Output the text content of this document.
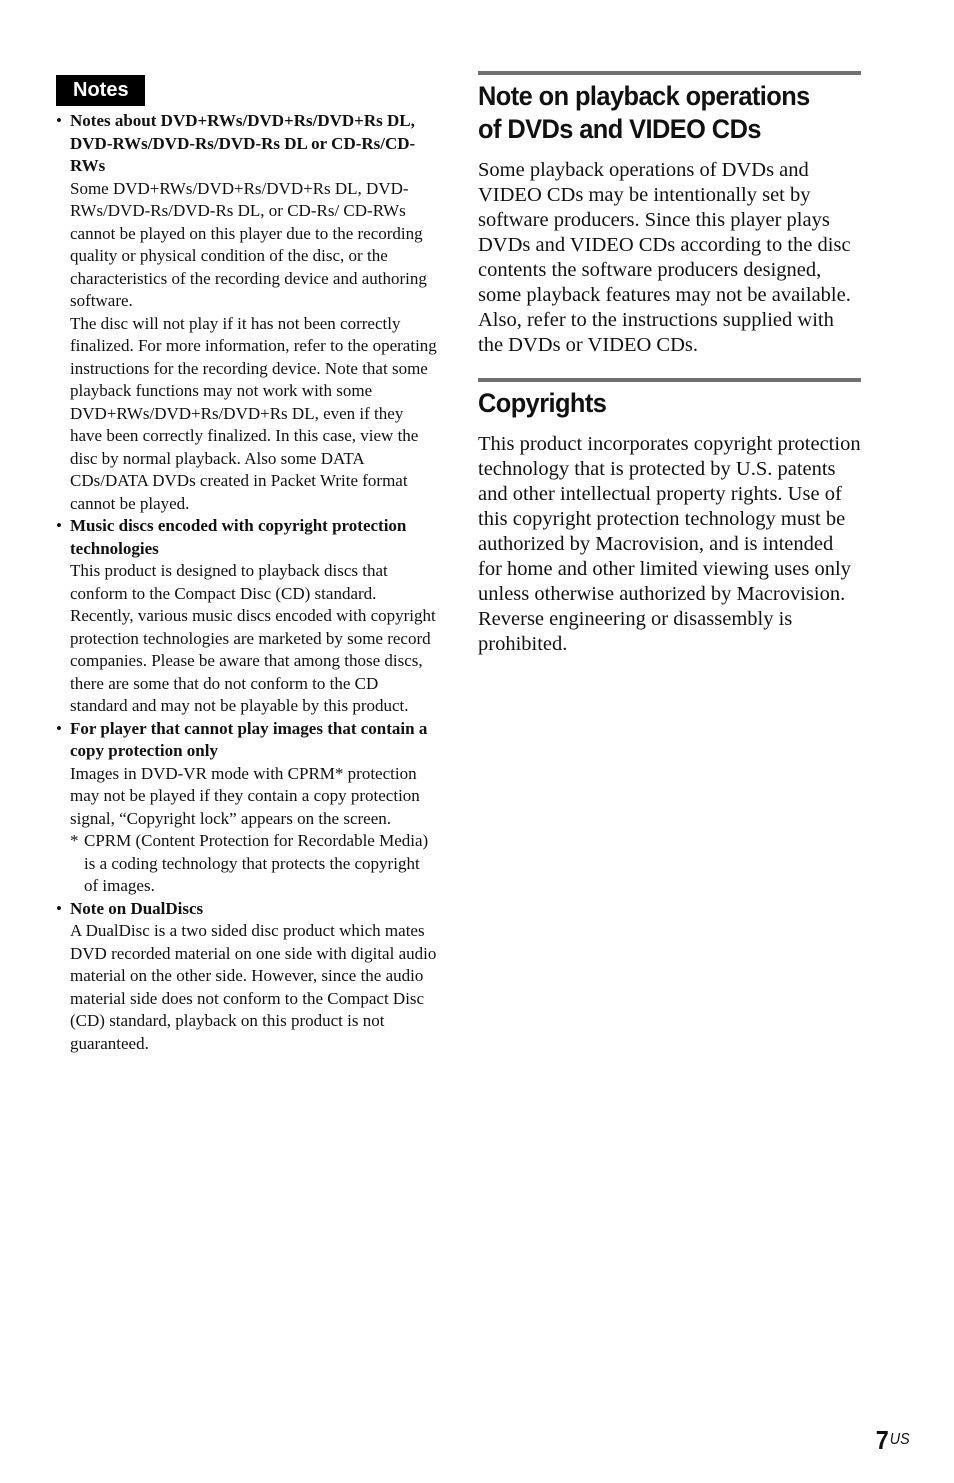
Notes
• Notes about DVD+RWs/DVD+Rs/DVD+Rs DL, DVD-RWs/DVD-Rs/DVD-Rs DL or CD-Rs/CD-RWs

Some DVD+RWs/DVD+Rs/DVD+Rs DL, DVD-RWs/DVD-Rs/DVD-Rs DL, or CD-Rs/ CD-RWs cannot be played on this player due to the recording quality or physical condition of the disc, or the characteristics of the recording device and authoring software.

The disc will not play if it has not been correctly finalized. For more information, refer to the operating instructions for the recording device. Note that some playback functions may not work with some DVD+RWs/DVD+Rs/DVD+Rs DL, even if they have been correctly finalized. In this case, view the disc by normal playback. Also some DATA CDs/DATA DVDs created in Packet Write format cannot be played.

• Music discs encoded with copyright protection technologies

This product is designed to playback discs that conform to the Compact Disc (CD) standard. Recently, various music discs encoded with copyright protection technologies are marketed by some record companies. Please be aware that among those discs, there are some that do not conform to the CD standard and may not be playable by this product.

• For player that cannot play images that contain a copy protection only

Images in DVD-VR mode with CPRM* protection may not be played if they contain a copy protection signal, “Copyright lock” appears on the screen.

* CPRM (Content Protection for Recordable Media) is a coding technology that protects the copyright of images.
• Note on DualDiscs

A DualDisc is a two sided disc product which mates DVD recorded material on one side with digital audio material on the other side. However, since the audio material side does not conform to the Compact Disc (CD) standard, playback on this product is not guaranteed.

Note on playback operations of DVDs and VIDEO CDs

Some playback operations of DVDs and VIDEO CDs may be intentionally set by software producers. Since this player plays DVDs and VIDEO CDs according to the disc contents the software producers designed, some playback features may not be available. Also, refer to the instructions supplied with the DVDs or VIDEO CDs.

Copyrights

This product incorporates copyright protection technology that is protected by U.S. patents and other intellectual property rights. Use of this copyright protection technology must be authorized by Macrovision, and is intended for home and other limited viewing uses only unless otherwise authorized by Macrovision. Reverse engineering or disassembly is prohibited.

$7^{US}$
